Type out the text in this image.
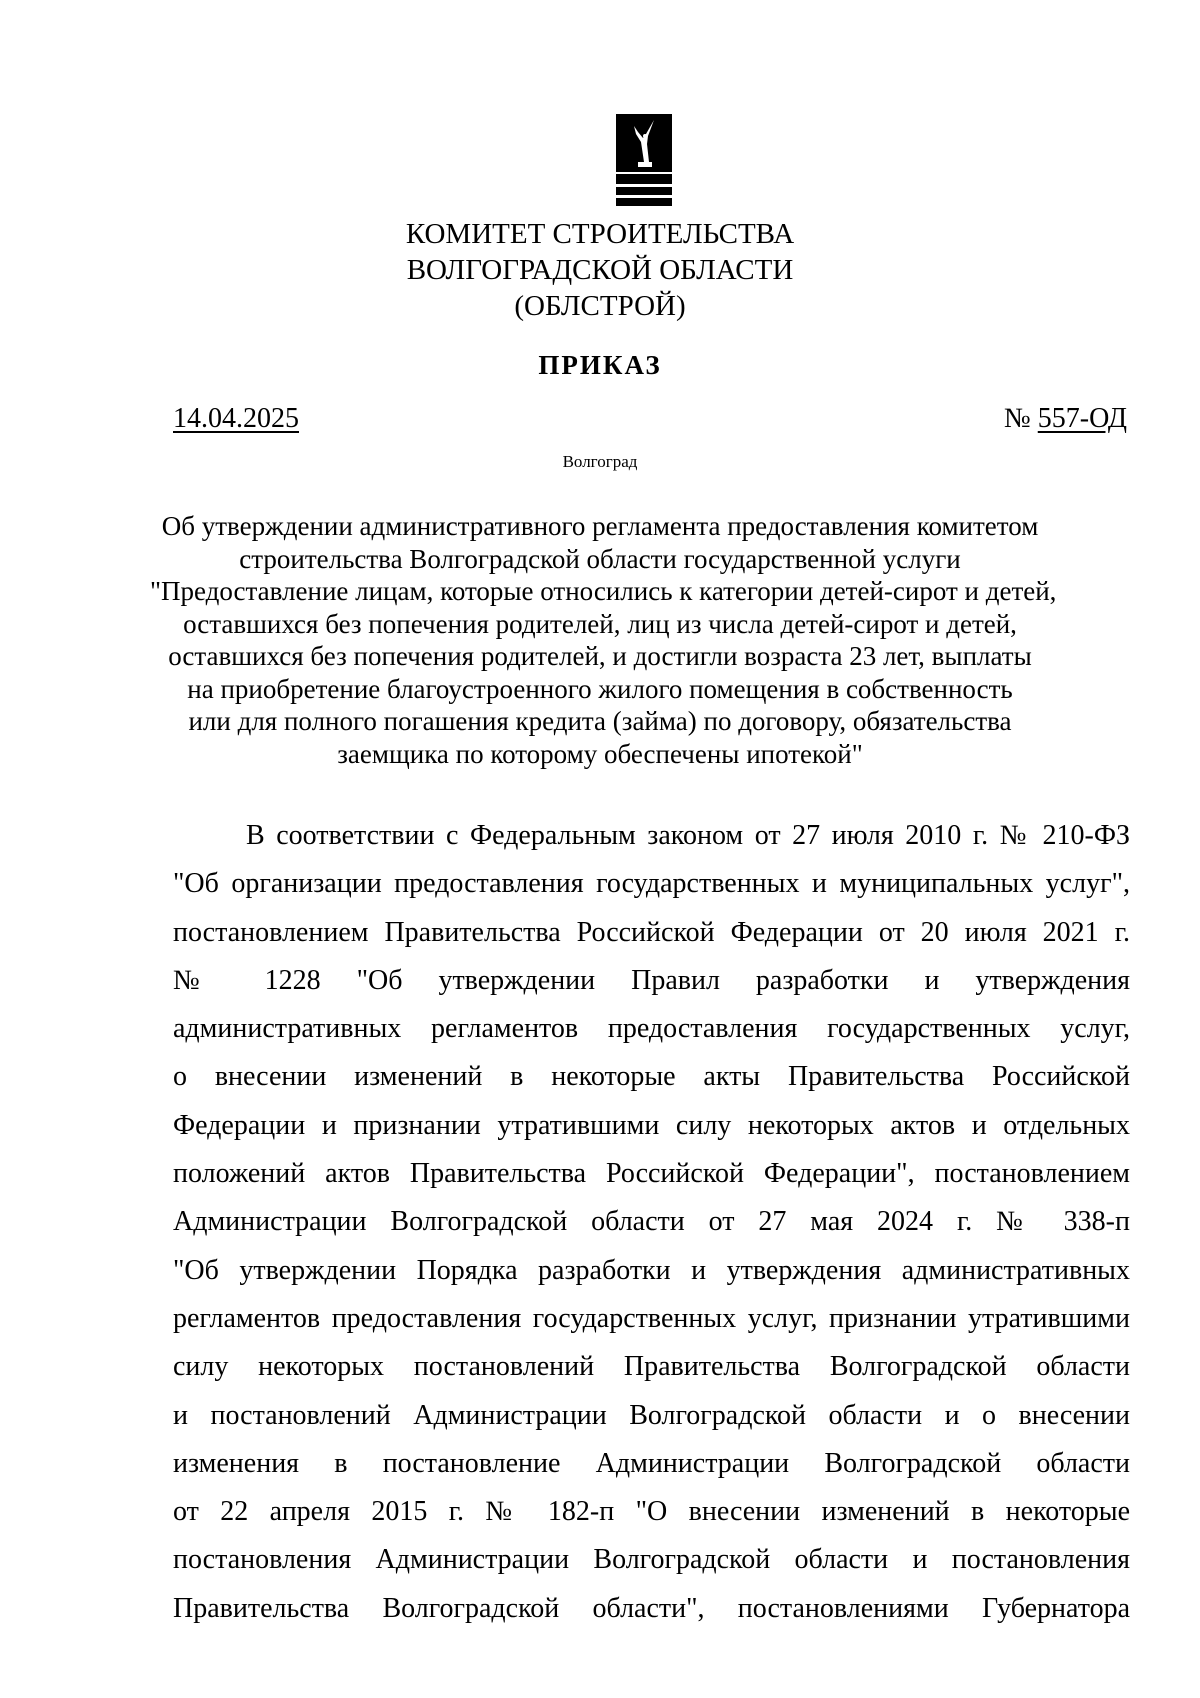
КОМИТЕТ СТРОИТЕЛЬСТВА
ВОЛГОГРАДСКОЙ ОБЛАСТИ
(ОБЛСТРОЙ)
ПРИКАЗ
14.04.2025	№ 557-ОД
Волгоград
Об утверждении административного регламента предоставления комитетом
строительства Волгоградской области государственной услуги
"Предоставление лицам, которые относились к категории детей-сирот и детей,
оставшихся без попечения родителей, лиц из числа детей-сирот и детей,
оставшихся без попечения родителей, и достигли возраста 23 лет, выплаты
на приобретение благоустроенного жилого помещения в собственность
или для полного погашения кредита (займа) по договору, обязательства
заемщика по которому обеспечены ипотекой"
В соответствии с Федеральным законом от 27 июля 2010 г. № 210-ФЗ
"Об организации предоставления государственных и муниципальных услуг",
постановлением Правительства Российской Федерации от 20 июля 2021 г.
№ 1228 "Об утверждении Правил разработки и утверждения
административных регламентов предоставления государственных услуг,
о внесении изменений в некоторые акты Правительства Российской
Федерации и признании утратившими силу некоторых актов и отдельных
положений актов Правительства Российской Федерации", постановлением
Администрации Волгоградской области от 27 мая 2024 г. № 338-п
"Об утверждении Порядка разработки и утверждения административных
регламентов предоставления государственных услуг, признании утратившими
силу некоторых постановлений Правительства Волгоградской области
и постановлений Администрации Волгоградской области и о внесении
изменения в постановление Администрации Волгоградской области
от 22 апреля 2015 г. № 182-п "О внесении изменений в некоторые
постановления Администрации Волгоградской области и постановления
Правительства Волгоградской области", постановлениями Губернатора
